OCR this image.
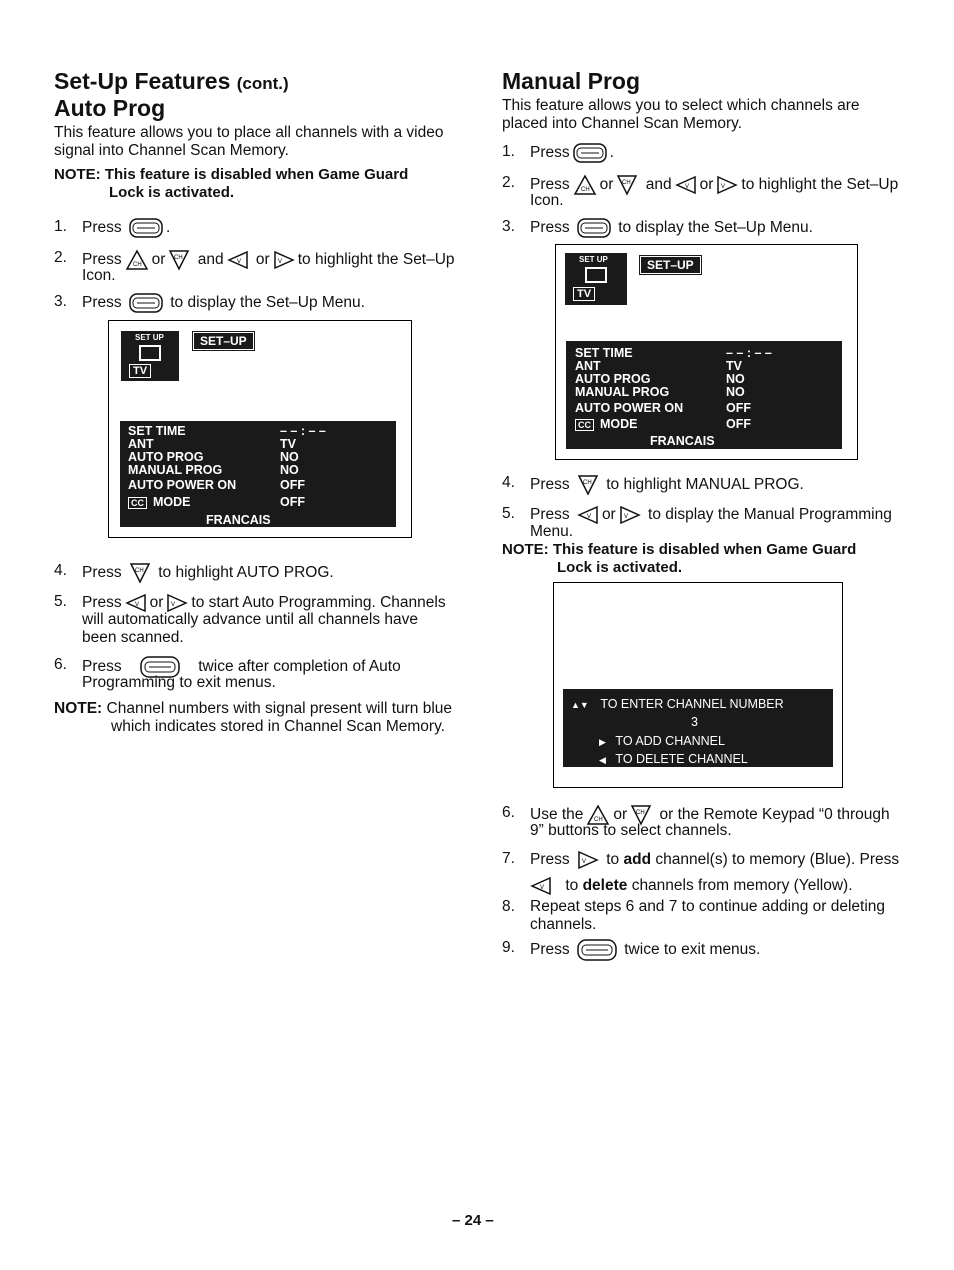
Set-Up Features (cont.)
Auto Prog
This feature allows you to place all channels with a video
signal into Channel Scan Memory.
NOTE: This feature is disabled when Game Guard
Lock is activated.
1. Press	.
2. Press CH or CH and V or V to highlight the Set–Up
Icon.
3. Press	to display the Set–Up Menu.
SET UP
TV
SET–UP
SET TIME	– – : – –
ANT	TV
AUTO PROG	NO
MANUAL PROG	NO
AUTO POWER ON	OFF
CC MODE	OFF
FRANCAIS
4. Press CH to highlight AUTO PROG.
5. Press V or V to start Auto Programming. Channels
will automatically advance until all channels have
been scanned.
6. Press	twice after completion of Auto
Programming to exit menus.
NOTE: Channel numbers with signal present will turn blue
which indicates stored in Channel Scan Memory.
Manual Prog
This feature allows you to select which channels are
placed into Channel Scan Memory.
1. Press	.
2. Press CH or CH and V or V to highlight the Set–Up
Icon.
3. Press	to display the Set–Up Menu.
SET UP
TV
SET–UP
SET TIME	– – : – –
ANT	TV
AUTO PROG	NO
MANUAL PROG	NO
AUTO POWER ON	OFF
CC MODE	OFF
FRANCAIS
4. Press CH to highlight MANUAL PROG.
5. Press	V or V to display the Manual Programming
Menu.
NOTE: This feature is disabled when Game Guard
Lock is activated.
▲▼ TO ENTER CHANNEL NUMBER
3
▶ TO ADD CHANNEL
◀ TO DELETE CHANNEL
6. Use the CH or CH or the Remote Keypad “0 through
9” buttons to select channels.
7. Press V to add channel(s) to memory (Blue). Press
V to delete channels from memory (Yellow).
8. Repeat steps 6 and 7 to continue adding or deleting
channels.
9. Press	twice to exit menus.
– 24 –
